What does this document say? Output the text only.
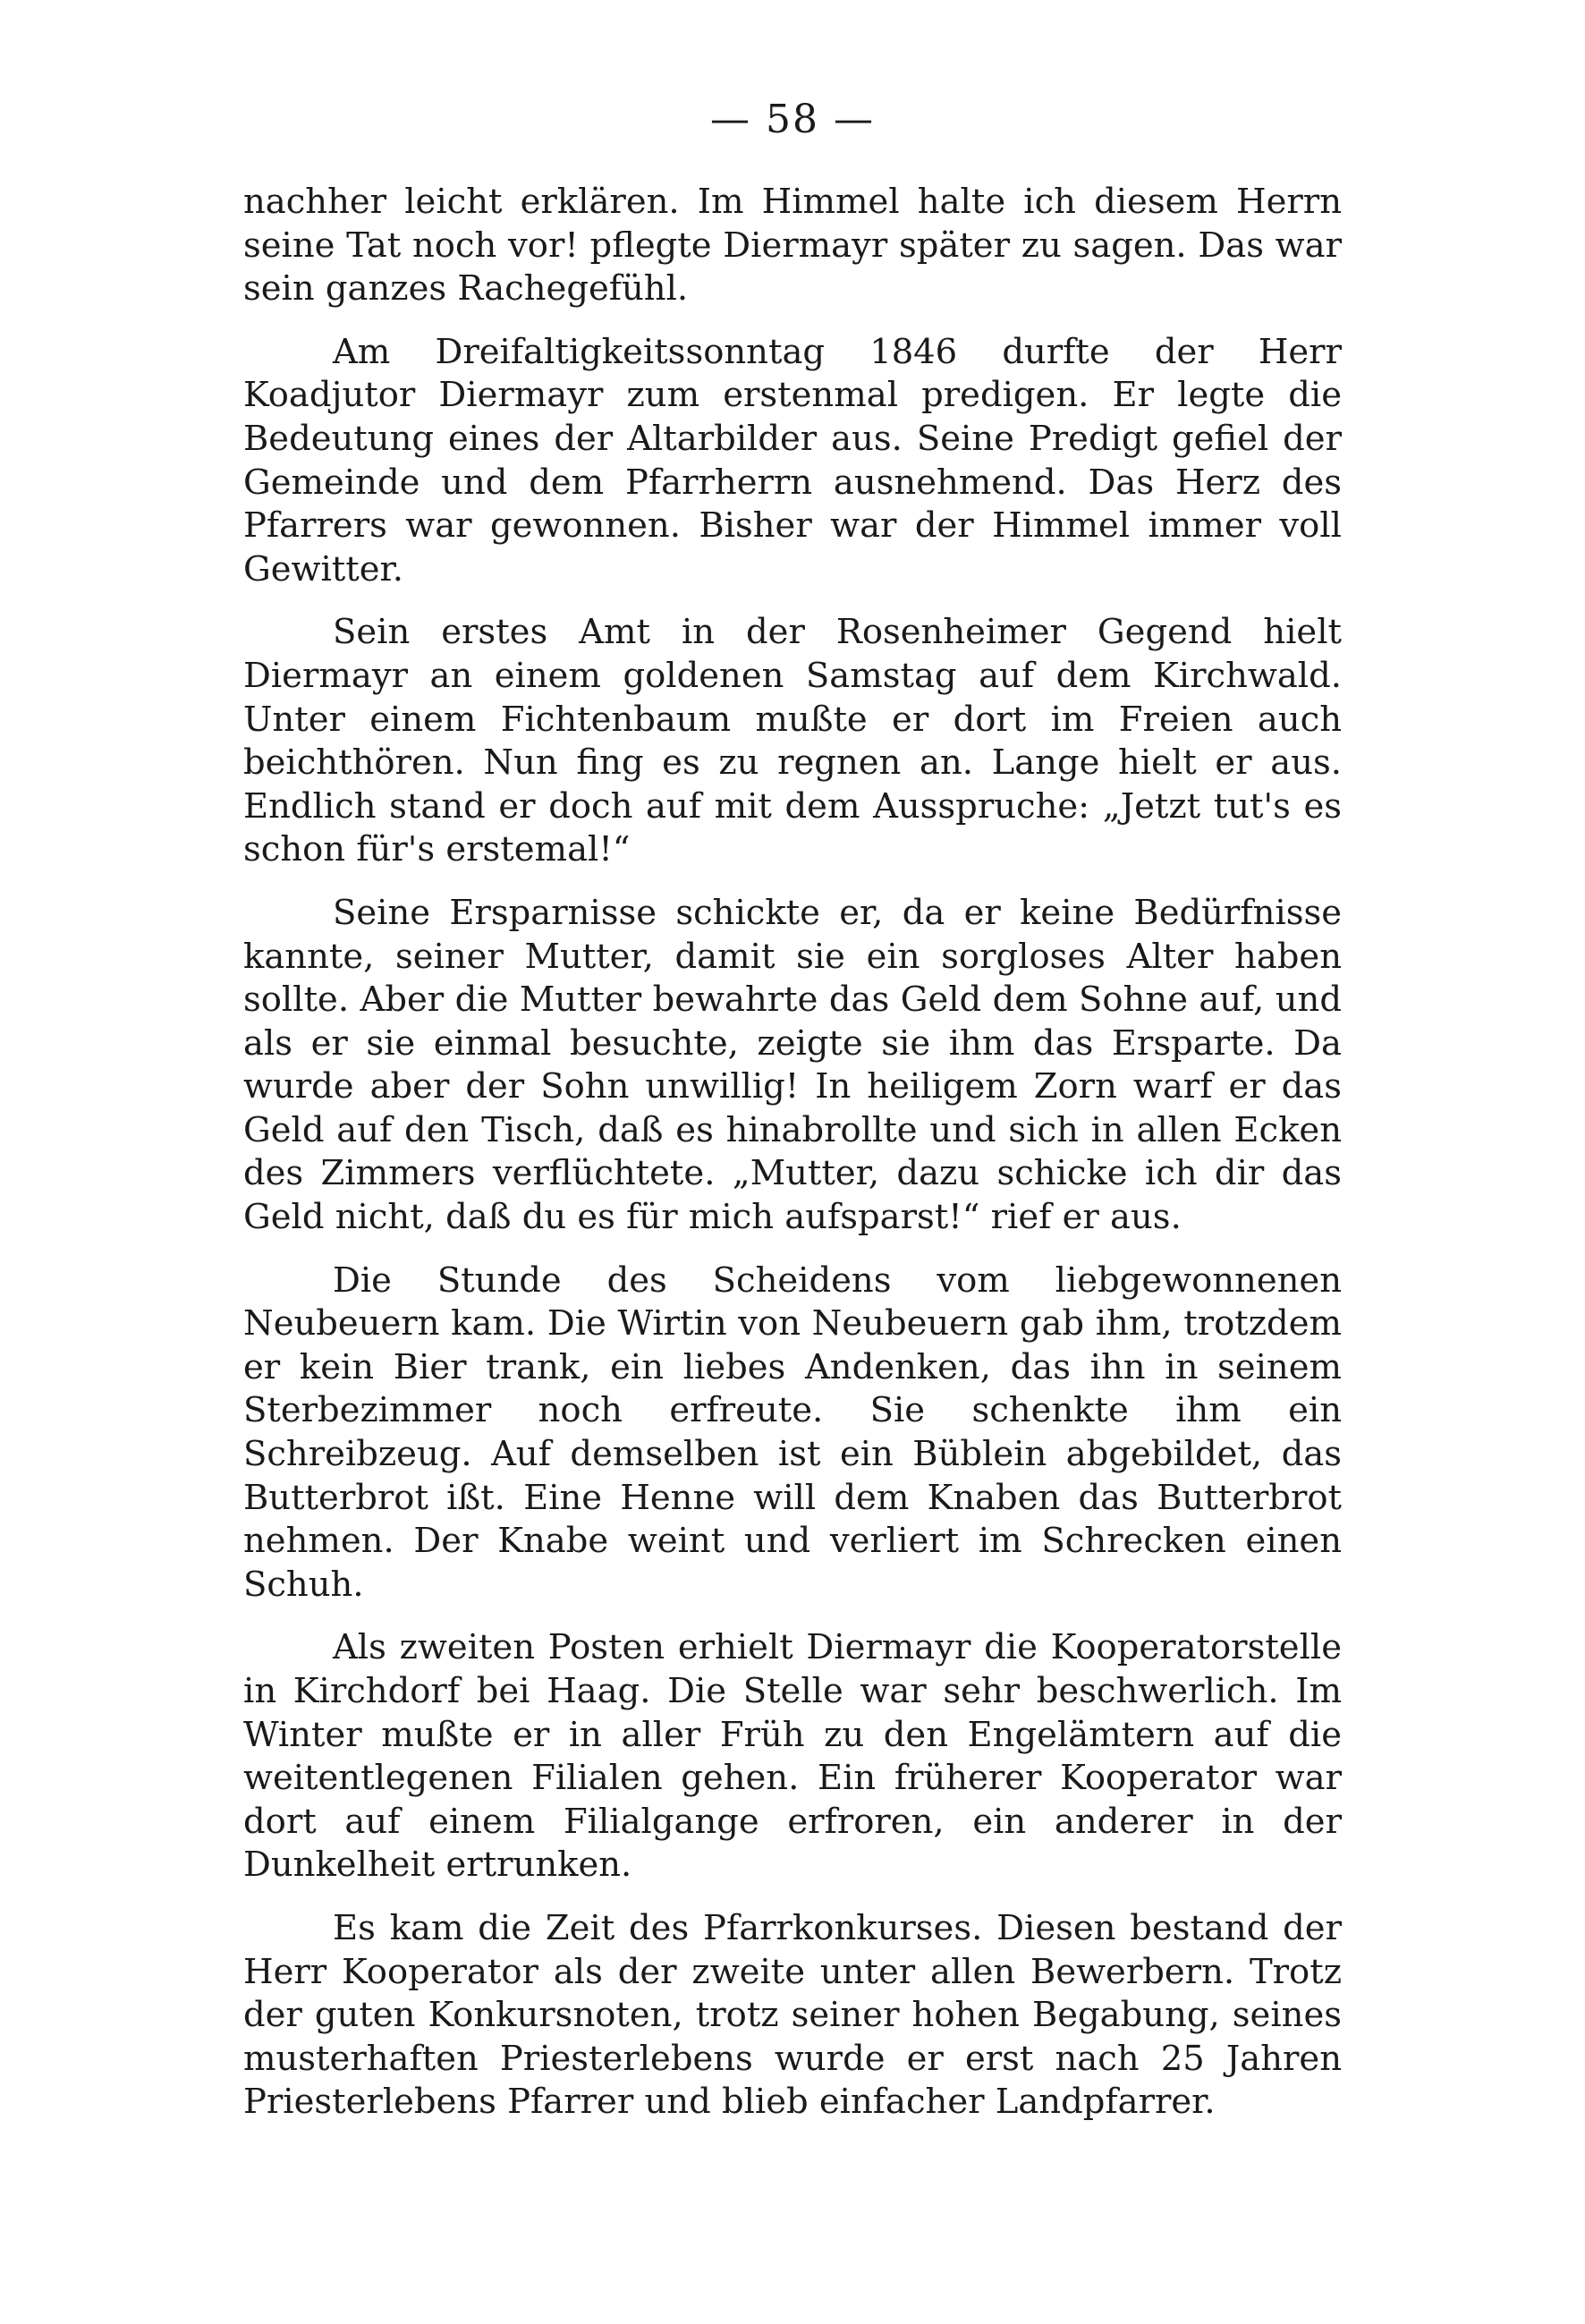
— 58 —

nachher leicht erklären. Im Himmel halte ich diesem Herrn seine Tat noch vor! pflegte Diermayr später zu sagen. Das war sein ganzes Rachegefühl.

Am Dreifaltigkeitssonntag 1846 durfte der Herr Koadjutor Diermayr zum erstenmal predigen. Er legte die Bedeutung eines der Altarbilder aus. Seine Predigt gefiel der Gemeinde und dem Pfarrherrn ausnehmend. Das Herz des Pfarrers war gewonnen. Bisher war der Himmel immer voll Gewitter.

Sein erstes Amt in der Rosenheimer Gegend hielt Diermayr an einem goldenen Samstag auf dem Kirchwald. Unter einem Fichtenbaum mußte er dort im Freien auch beichthören. Nun fing es zu regnen an. Lange hielt er aus. Endlich stand er doch auf mit dem Ausspruche: „Jetzt tut's es schon für's erstemal!“

Seine Ersparnisse schickte er, da er keine Bedürfnisse kannte, seiner Mutter, damit sie ein sorgloses Alter haben sollte. Aber die Mutter bewahrte das Geld dem Sohne auf, und als er sie einmal besuchte, zeigte sie ihm das Ersparte. Da wurde aber der Sohn unwillig! In heiligem Zorn warf er das Geld auf den Tisch, daß es hinabrollte und sich in allen Ecken des Zimmers verflüchtete. „Mutter, dazu schicke ich dir das Geld nicht, daß du es für mich aufsparst!“ rief er aus.

Die Stunde des Scheidens vom liebgewonnenen Neubeuern kam. Die Wirtin von Neubeuern gab ihm, trotzdem er kein Bier trank, ein liebes Andenken, das ihn in seinem Sterbezimmer noch erfreute. Sie schenkte ihm ein Schreibzeug. Auf demselben ist ein Büblein abgebildet, das Butterbrot ißt. Eine Henne will dem Knaben das Butterbrot nehmen. Der Knabe weint und verliert im Schrecken einen Schuh.

Als zweiten Posten erhielt Diermayr die Kooperatorstelle in Kirchdorf bei Haag. Die Stelle war sehr beschwerlich. Im Winter mußte er in aller Früh zu den Engelämtern auf die weitentlegenen Filialen gehen. Ein früherer Kooperator war dort auf einem Filialgange erfroren, ein anderer in der Dunkelheit ertrunken.

Es kam die Zeit des Pfarrkonkurses. Diesen bestand der Herr Kooperator als der zweite unter allen Bewerbern. Trotz der guten Konkursnoten, trotz seiner hohen Begabung, seines musterhaften Priesterlebens wurde er erst nach 25 Jahren Priesterlebens Pfarrer und blieb einfacher Landpfarrer.
